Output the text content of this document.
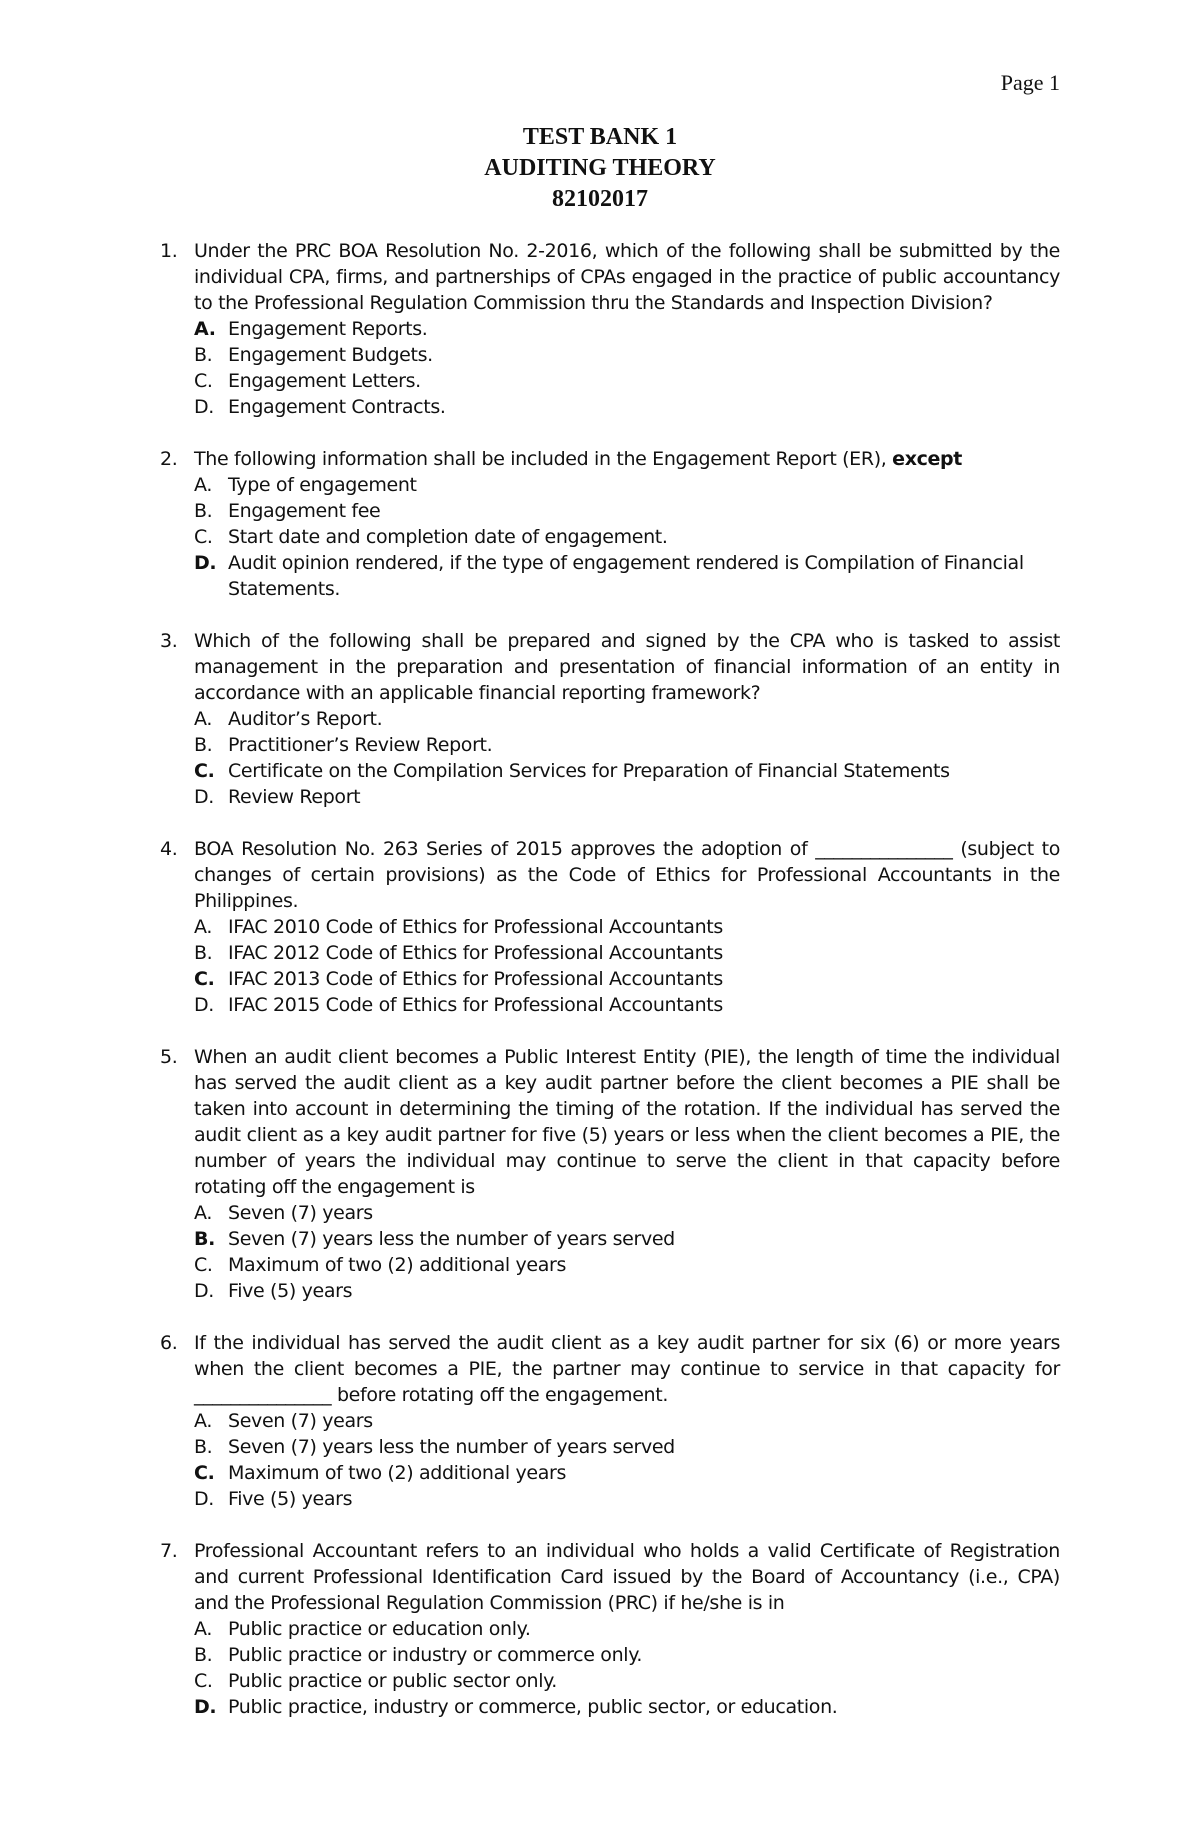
Page 1
TEST BANK 1
AUDITING THEORY
82102017
1. Under the PRC BOA Resolution No. 2-2016, which of the following shall be submitted by the individual CPA, firms, and partnerships of CPAs engaged in the practice of public accountancy to the Professional Regulation Commission thru the Standards and Inspection Division?
A. Engagement Reports.
B. Engagement Budgets.
C. Engagement Letters.
D. Engagement Contracts.
2. The following information shall be included in the Engagement Report (ER), except
A. Type of engagement
B. Engagement fee
C. Start date and completion date of engagement.
D. Audit opinion rendered, if the type of engagement rendered is Compilation of Financial Statements.
3. Which of the following shall be prepared and signed by the CPA who is tasked to assist management in the preparation and presentation of financial information of an entity in accordance with an applicable financial reporting framework?
A. Auditor’s Report.
B. Practitioner’s Review Report.
C. Certificate on the Compilation Services for Preparation of Financial Statements
D. Review Report
4. BOA Resolution No. 263 Series of 2015 approves the adoption of _______________ (subject to changes of certain provisions) as the Code of Ethics for Professional Accountants in the Philippines.
A. IFAC 2010 Code of Ethics for Professional Accountants
B. IFAC 2012 Code of Ethics for Professional Accountants
C. IFAC 2013 Code of Ethics for Professional Accountants
D. IFAC 2015 Code of Ethics for Professional Accountants
5. When an audit client becomes a Public Interest Entity (PIE), the length of time the individual has served the audit client as a key audit partner before the client becomes a PIE shall be taken into account in determining the timing of the rotation. If the individual has served the audit client as a key audit partner for five (5) years or less when the client becomes a PIE, the number of years the individual may continue to serve the client in that capacity before rotating off the engagement is
A. Seven (7) years
B. Seven (7) years less the number of years served
C. Maximum of two (2) additional years
D. Five (5) years
6. If the individual has served the audit client as a key audit partner for six (6) or more years when the client becomes a PIE, the partner may continue to service in that capacity for _______________ before rotating off the engagement.
A. Seven (7) years
B. Seven (7) years less the number of years served
C. Maximum of two (2) additional years
D. Five (5) years
7. Professional Accountant refers to an individual who holds a valid Certificate of Registration and current Professional Identification Card issued by the Board of Accountancy (i.e., CPA) and the Professional Regulation Commission (PRC) if he/she is in
A. Public practice or education only.
B. Public practice or industry or commerce only.
C. Public practice or public sector only.
D. Public practice, industry or commerce, public sector, or education.
